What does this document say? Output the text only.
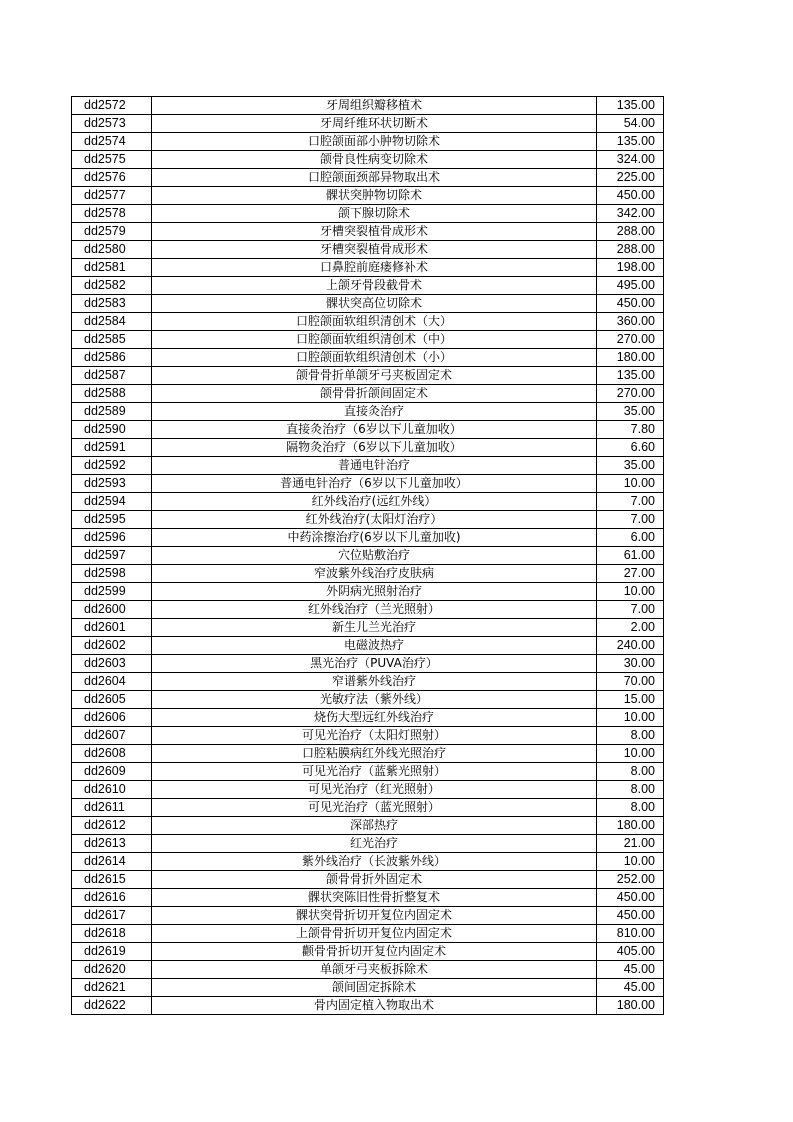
dd2572	牙周组织瓣移植术	135.00
dd2573	牙周纤维环状切断术	54.00
dd2574	口腔颌面部小肿物切除术	135.00
dd2575	颌骨良性病变切除术	324.00
dd2576	口腔颌面颈部异物取出术	225.00
dd2577	髁状突肿物切除术	450.00
dd2578	颌下腺切除术	342.00
dd2579	牙槽突裂植骨成形术	288.00
dd2580	牙槽突裂植骨成形术	288.00
dd2581	口鼻腔前庭瘘修补术	198.00
dd2582	上颌牙骨段截骨术	495.00
dd2583	髁状突高位切除术	450.00
dd2584	口腔颌面软组织清创术（大）	360.00
dd2585	口腔颌面软组织清创术（中）	270.00
dd2586	口腔颌面软组织清创术（小）	180.00
dd2587	颌骨骨折单颌牙弓夹板固定术	135.00
dd2588	颌骨骨折颌间固定术	270.00
dd2589	直接灸治疗	35.00
dd2590	直接灸治疗（6岁以下儿童加收）	7.80
dd2591	隔物灸治疗（6岁以下儿童加收）	6.60
dd2592	普通电针治疗	35.00
dd2593	普通电针治疗（6岁以下儿童加收）	10.00
dd2594	红外线治疗(远红外线）	7.00
dd2595	红外线治疗(太阳灯治疗）	7.00
dd2596	中药涂擦治疗(6岁以下儿童加收)	6.00
dd2597	穴位贴敷治疗	61.00
dd2598	窄波紫外线治疗皮肤病	27.00
dd2599	外阴病光照射治疗	10.00
dd2600	红外线治疗（兰光照射）	7.00
dd2601	新生儿兰光治疗	2.00
dd2602	电磁波热疗	240.00
dd2603	黑光治疗（PUVA治疗）	30.00
dd2604	窄谱紫外线治疗	70.00
dd2605	光敏疗法（紫外线）	15.00
dd2606	烧伤大型远红外线治疗	10.00
dd2607	可见光治疗（太阳灯照射）	8.00
dd2608	口腔粘膜病红外线光照治疗	10.00
dd2609	可见光治疗（蓝紫光照射）	8.00
dd2610	可见光治疗（红光照射）	8.00
dd2611	可见光治疗（蓝光照射）	8.00
dd2612	深部热疗	180.00
dd2613	红光治疗	21.00
dd2614	紫外线治疗（长波紫外线）	10.00
dd2615	颌骨骨折外固定术	252.00
dd2616	髁状突陈旧性骨折整复术	450.00
dd2617	髁状突骨折切开复位内固定术	450.00
dd2618	上颌骨骨折切开复位内固定术	810.00
dd2619	颧骨骨折切开复位内固定术	405.00
dd2620	单颌牙弓夹板拆除术	45.00
dd2621	颌间固定拆除术	45.00
dd2622	骨内固定植入物取出术	180.00
